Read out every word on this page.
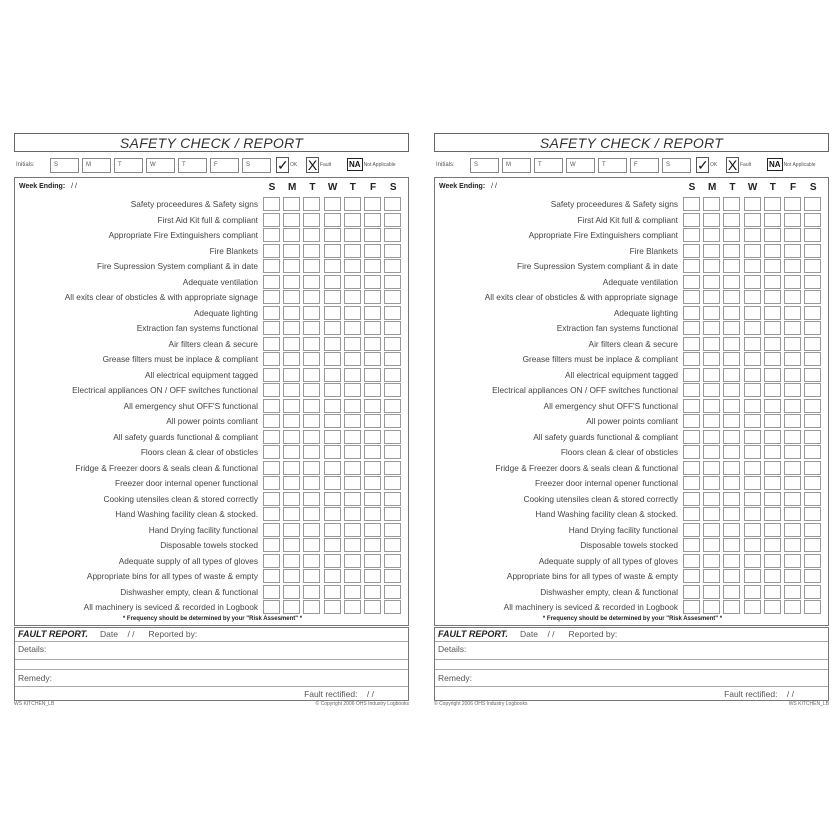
SAFETY CHECK / REPORT
Initials:	S	M	T	W	T	F	S	✓OK X Fault NA Not Applicable
Week Ending: / /	S	M	T	W	T	F	S
Safety proceedures & Safety signs
First Aid Kit full & compliant
Appropriate Fire Extinguishers compliant
Fire Blankets
Fire Supression System compliant & in date
Adequate ventilation
All exits clear of obsticles & with appropriate signage
Adequate lighting
Extraction fan systems functional
Air filters clean & secure
Grease filters must be inplace & compliant
All electrical equipment tagged
Electrical appliances ON / OFF switches functional
All emergency shut OFF'S functional
All power points comliant
All safety guards functional & compliant
Floors clean & clear of obsticles
Fridge & Freezer doors & seals clean & functional
Freezer door internal opener functional
Cooking utensiles clean & stored correctly
Hand Washing facility clean & stocked.
Hand Drying facility functional
Disposable towels stocked
Adequate supply of all types of gloves
Appropriate bins for all types of waste & empty
Dishwasher empty, clean & functional
All machinery is seviced & recorded in Logbook
* Frequency should be determined by your "Risk Assesment" *
FAULT REPORT. Date / / Reported by:
Details:
Remedy:
Fault rectified: / /
WS KITCHEN_LB	© Copyright 2006 OHS Industry Logbooks
SAFETY CHECK / REPORT
Initials:	S	M	T	W	T	F	S	✓OK X Fault NA Not Applicable
Week Ending: / /	S	M	T	W	T	F	S
Safety proceedures & Safety signs
First Aid Kit full & compliant
Appropriate Fire Extinguishers compliant
Fire Blankets
Fire Supression System compliant & in date
Adequate ventilation
All exits clear of obsticles & with appropriate signage
Adequate lighting
Extraction fan systems functional
Air filters clean & secure
Grease filters must be inplace & compliant
All electrical equipment tagged
Electrical appliances ON / OFF switches functional
All emergency shut OFF'S functional
All power points comliant
All safety guards functional & compliant
Floors clean & clear of obsticles
Fridge & Freezer doors & seals clean & functional
Freezer door internal opener functional
Cooking utensiles clean & stored correctly
Hand Washing facility clean & stocked.
Hand Drying facility functional
Disposable towels stocked
Adequate supply of all types of gloves
Appropriate bins for all types of waste & empty
Dishwasher empty, clean & functional
All machinery is seviced & recorded in Logbook
* Frequency should be determined by your "Risk Assesment" *
FAULT REPORT. Date / / Reported by:
Details:
Remedy:
Fault rectified: / /
© Copyright 2006 OHS Industry Logbooks	WS KITCHEN_LB
